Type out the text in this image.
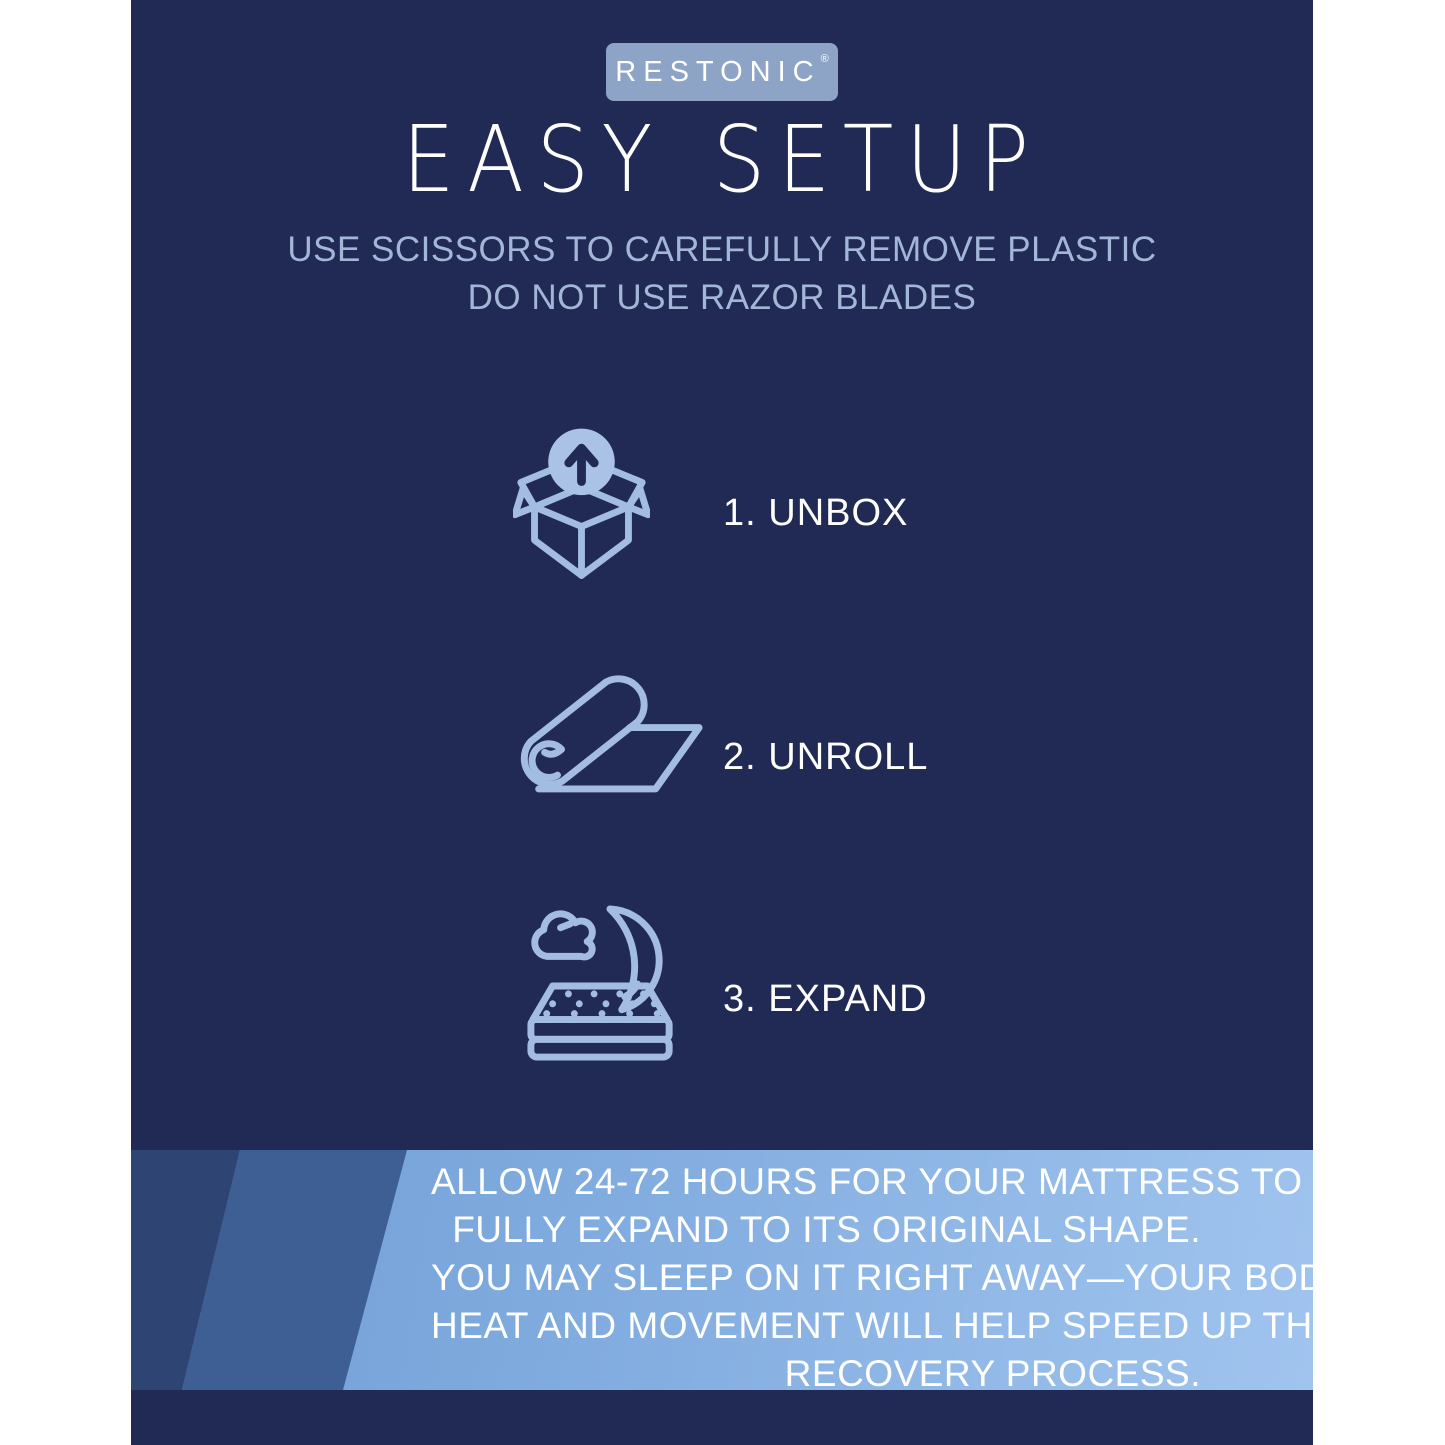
RESTONIC®
EASY SETUP
USE SCISSORS TO CAREFULLY REMOVE PLASTIC
DO NOT USE RAZOR BLADES
1. UNBOX
2. UNROLL
3. EXPAND
ALLOW 24-72 HOURS FOR YOUR MATTRESS TO
FULLY EXPAND TO ITS ORIGINAL SHAPE.
YOU MAY SLEEP ON IT RIGHT AWAY—YOUR BODY
HEAT AND MOVEMENT WILL HELP SPEED UP THE
RECOVERY PROCESS.
